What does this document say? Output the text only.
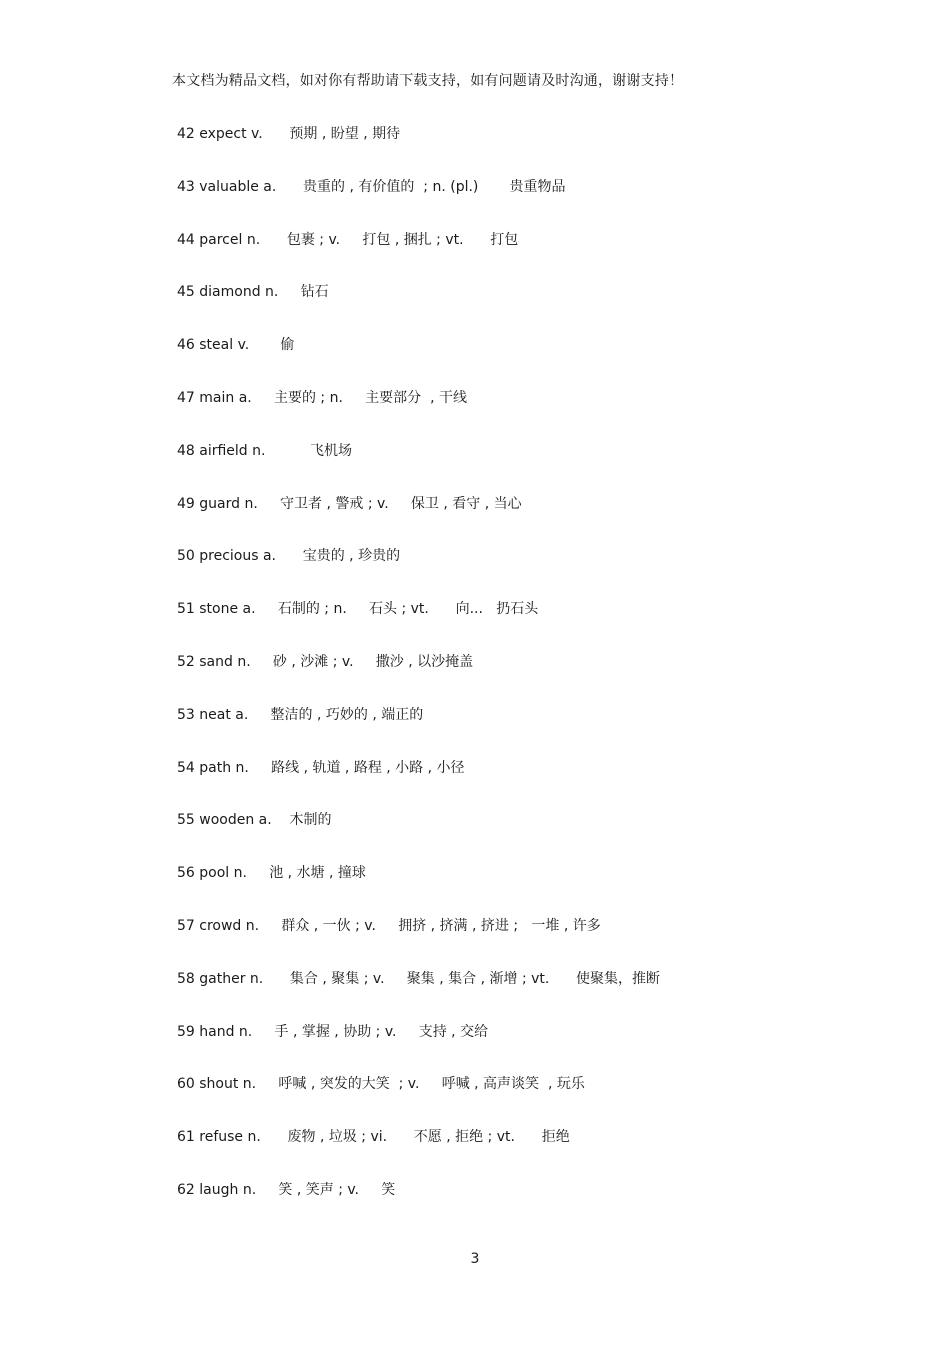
本文档为精品文档，如对你有帮助请下载支持，如有问题请及时沟通，谢谢支持！
42 expect v.      预期 , 盼望 , 期待
43 valuable a.      贵重的 , 有价值的  ; n. (pl.)       贵重物品
44 parcel n.      包裹 ; v.     打包 , 捆扎 ; vt.      打包
45 diamond n.     钻石
46 steal v.       偷
47 main a.     主要的 ; n.     主要部分  , 干线
48 airfield n.          飞机场
49 guard n.     守卫者 , 警戒 ; v.     保卫 , 看守 , 当心
50 precious a.      宝贵的 , 珍贵的
51 stone a.     石制的 ; n.     石头 ; vt.      向...   扔石头
52 sand n.     砂 , 沙滩 ; v.     撒沙 , 以沙掩盖
53 neat a.     整洁的 , 巧妙的 , 端正的
54 path n.     路线 , 轨道 , 路程 , 小路 , 小径
55 wooden a.    木制的
56 pool n.     池 , 水塘 , 撞球
57 crowd n.     群众 , 一伙 ; v.     拥挤 , 挤满 , 挤进 ;   一堆 , 许多
58 gather n.      集合 , 聚集 ; v.     聚集 , 集合 , 渐增 ; vt.      使聚集，推断
59 hand n.     手 , 掌握 , 协助 ; v.     支持 , 交给
60 shout n.     呼喊 , 突发的大笑  ; v.     呼喊 , 高声谈笑  , 玩乐
61 refuse n.      废物 , 垃圾 ; vi.      不愿 , 拒绝 ; vt.      拒绝
62 laugh n.     笑 , 笑声 ; v.     笑
3
